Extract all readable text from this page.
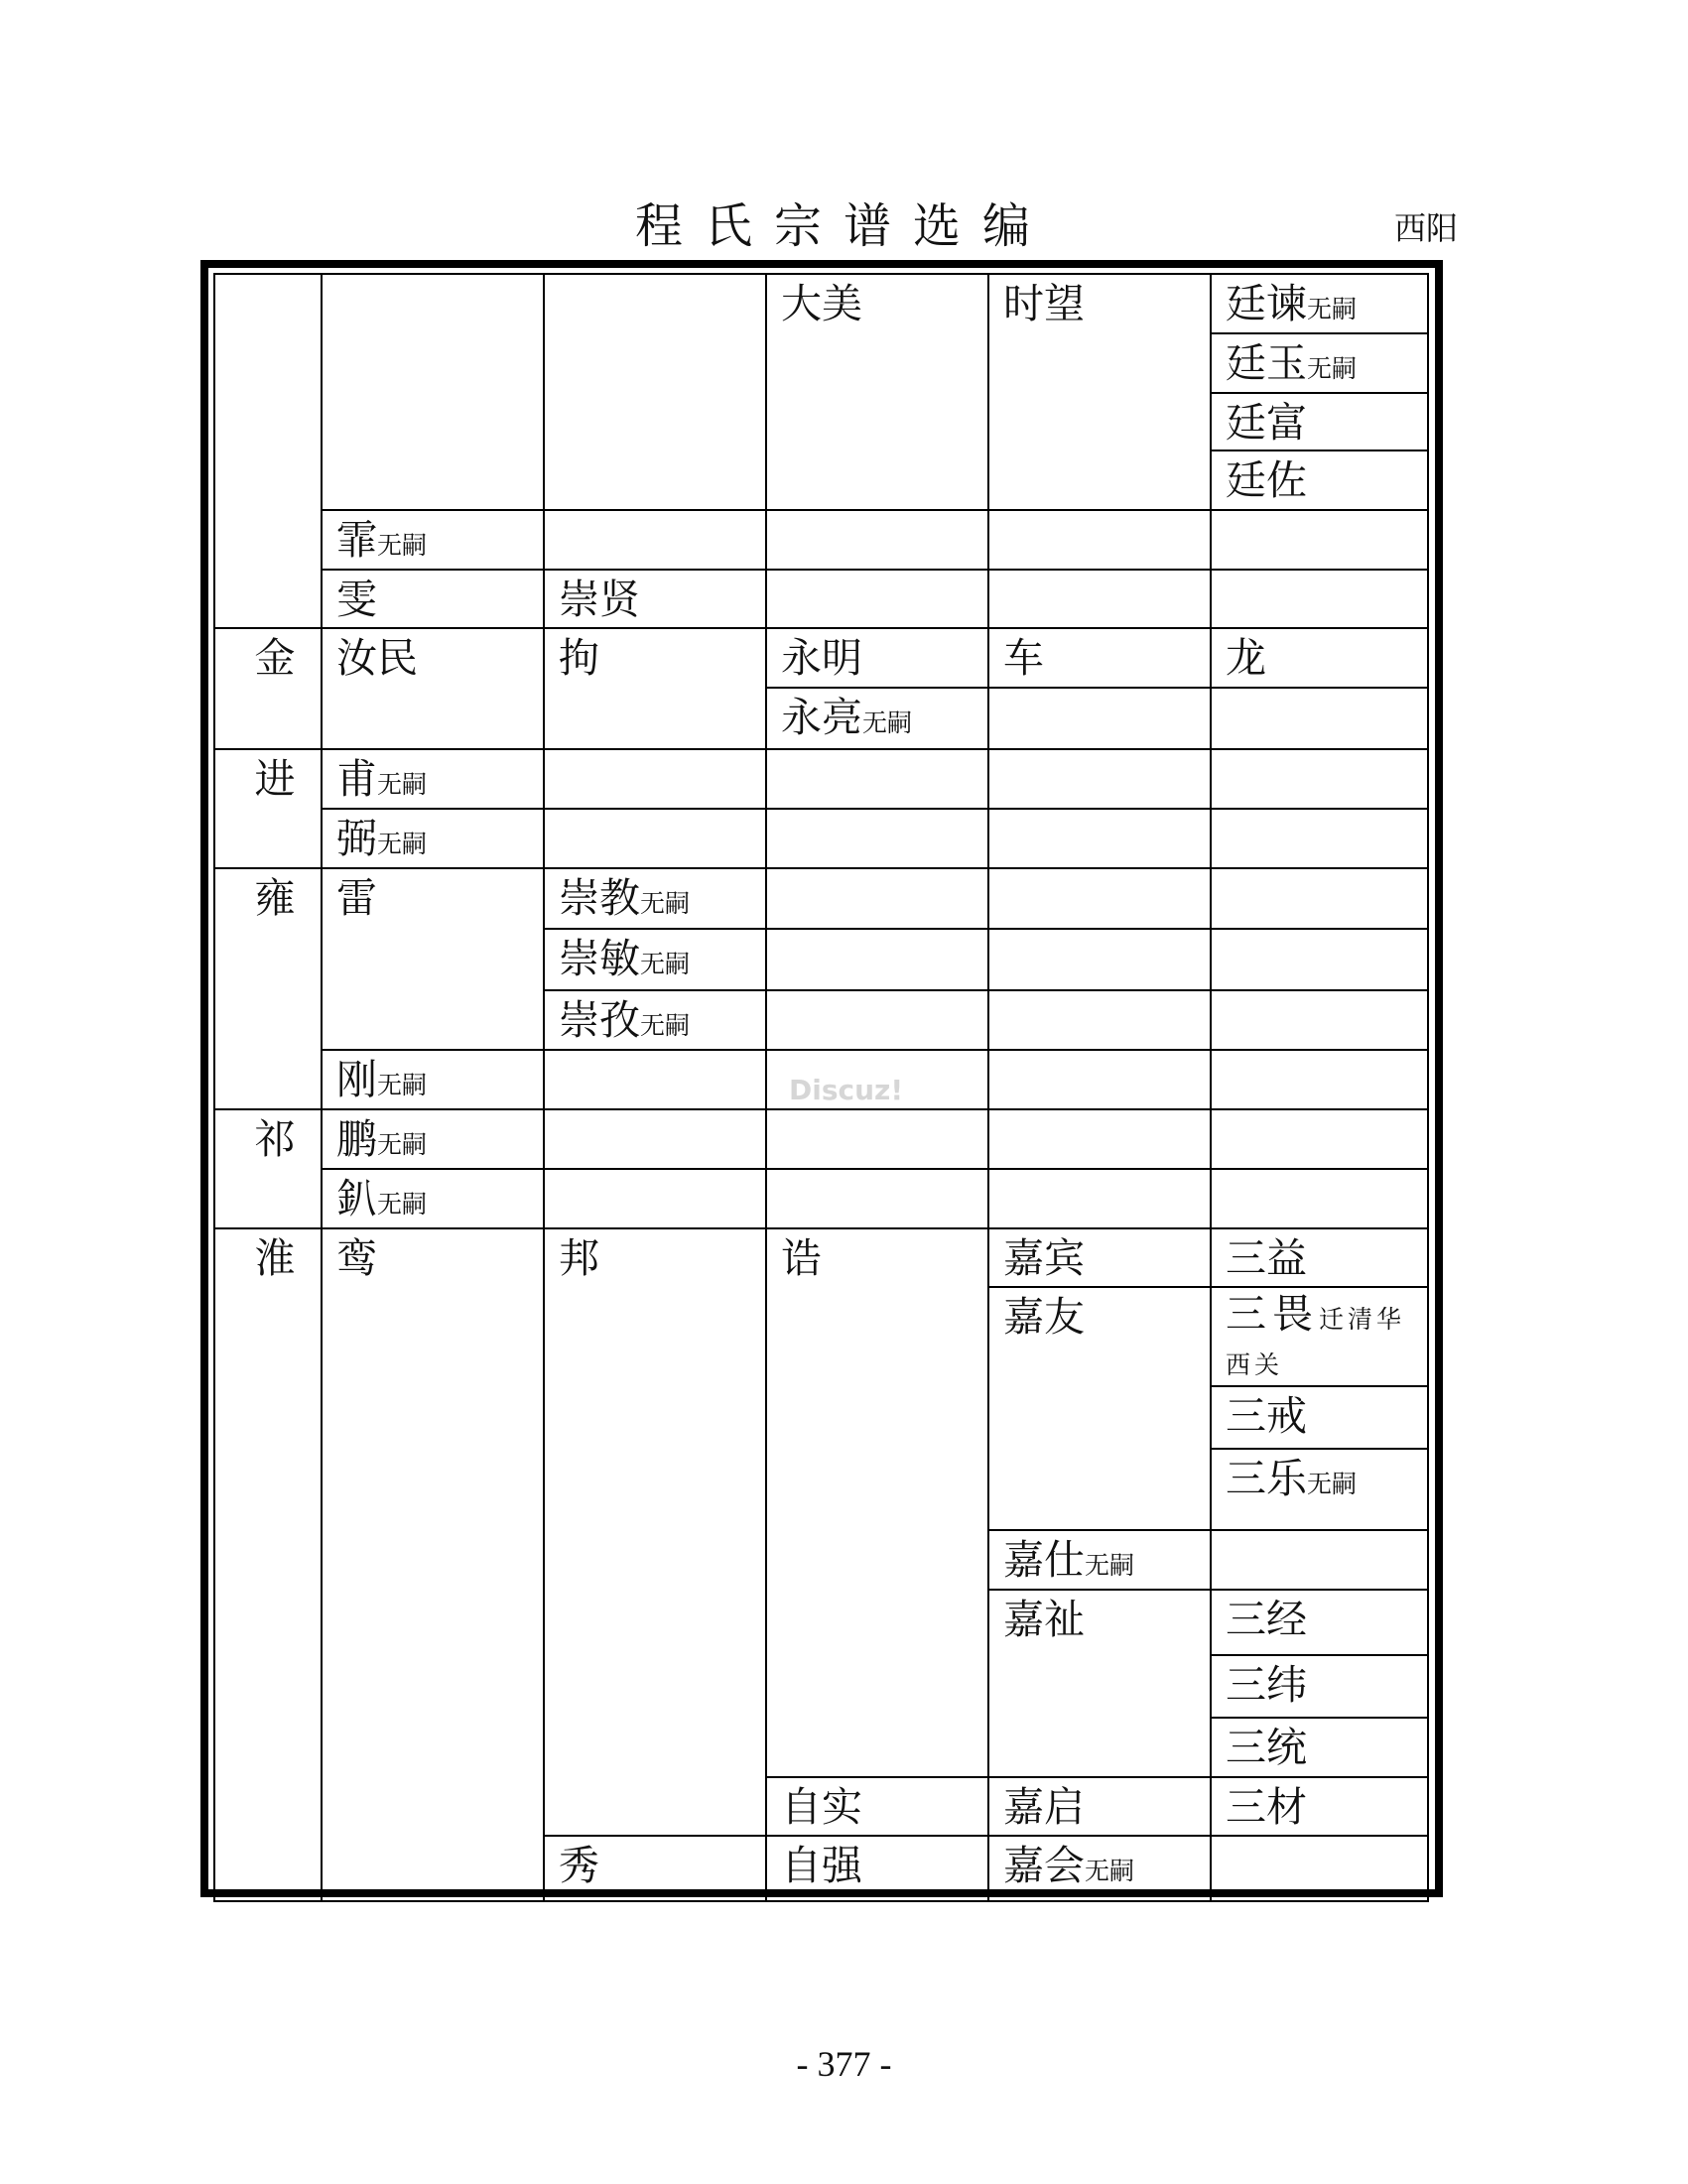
程氏宗谱选编	西阳
			大美	时望	廷谏无嗣
					廷玉无嗣
					廷富
					廷佐
	霏无嗣				
	雯	崇贤			
金	汝民	拘	永明	车	龙
			永亮无嗣		
进	甫无嗣				
	弼无嗣				
雍	雷	崇教无嗣			
		崇敏无嗣			
		崇孜无嗣			
	刚无嗣				
祁	鹏无嗣				
	釟无嗣				
淮	鸾	邦	诰	嘉宾	三益
				嘉友	三畏迁清华西关
					三戒
					三乐无嗣
				嘉仕无嗣	
				嘉祉	三经
					三纬
					三统
			自实	嘉启	三材
		秀	自强	嘉会无嗣	
Discuz!
- 377 -
